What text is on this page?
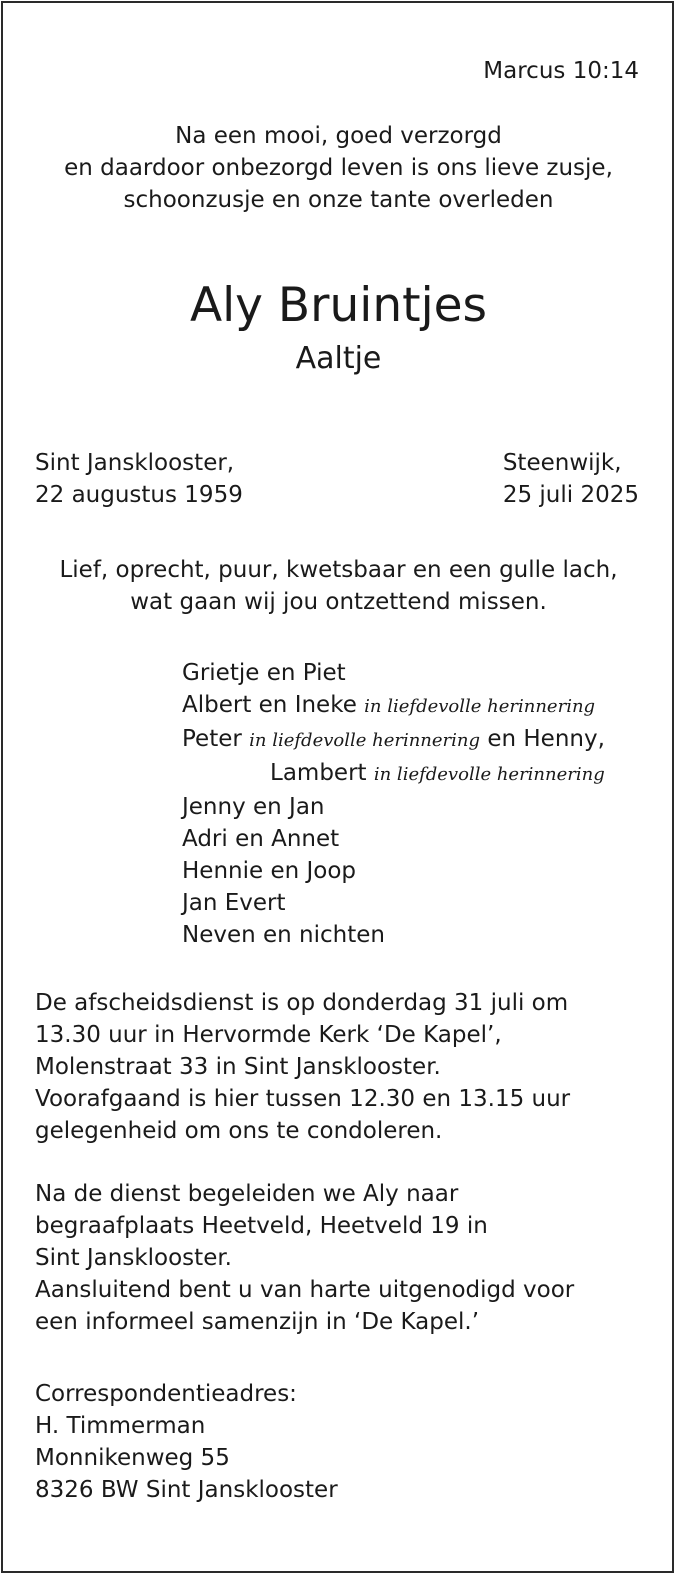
Marcus 10:14
Na een mooi, goed verzorgd
en daardoor onbezorgd leven is ons lieve zusje,
schoonzusje en onze tante overleden
Aly Bruintjes
Aaltje
Sint Jansklooster,
22 augustus 1959
Steenwijk,
25 juli 2025
Lief, oprecht, puur, kwetsbaar en een gulle lach,
wat gaan wij jou ontzettend missen.
Grietje en Piet
Albert en Ineke in liefdevolle herinnering
Peter in liefdevolle herinnering en Henny,
Lambert in liefdevolle herinnering
Jenny en Jan
Adri en Annet
Hennie en Joop
Jan Evert
Neven en nichten
De afscheidsdienst is op donderdag 31 juli om
13.30 uur in Hervormde Kerk ‘De Kapel’,
Molenstraat 33 in Sint Jansklooster.
Voorafgaand is hier tussen 12.30 en 13.15 uur
gelegenheid om ons te condoleren.
Na de dienst begeleiden we Aly naar
begraafplaats Heetveld, Heetveld 19 in
Sint Jansklooster.
Aansluitend bent u van harte uitgenodigd voor
een informeel samenzijn in ‘De Kapel.’
Correspondentieadres:
H. Timmerman
Monnikenweg 55
8326 BW Sint Jansklooster
